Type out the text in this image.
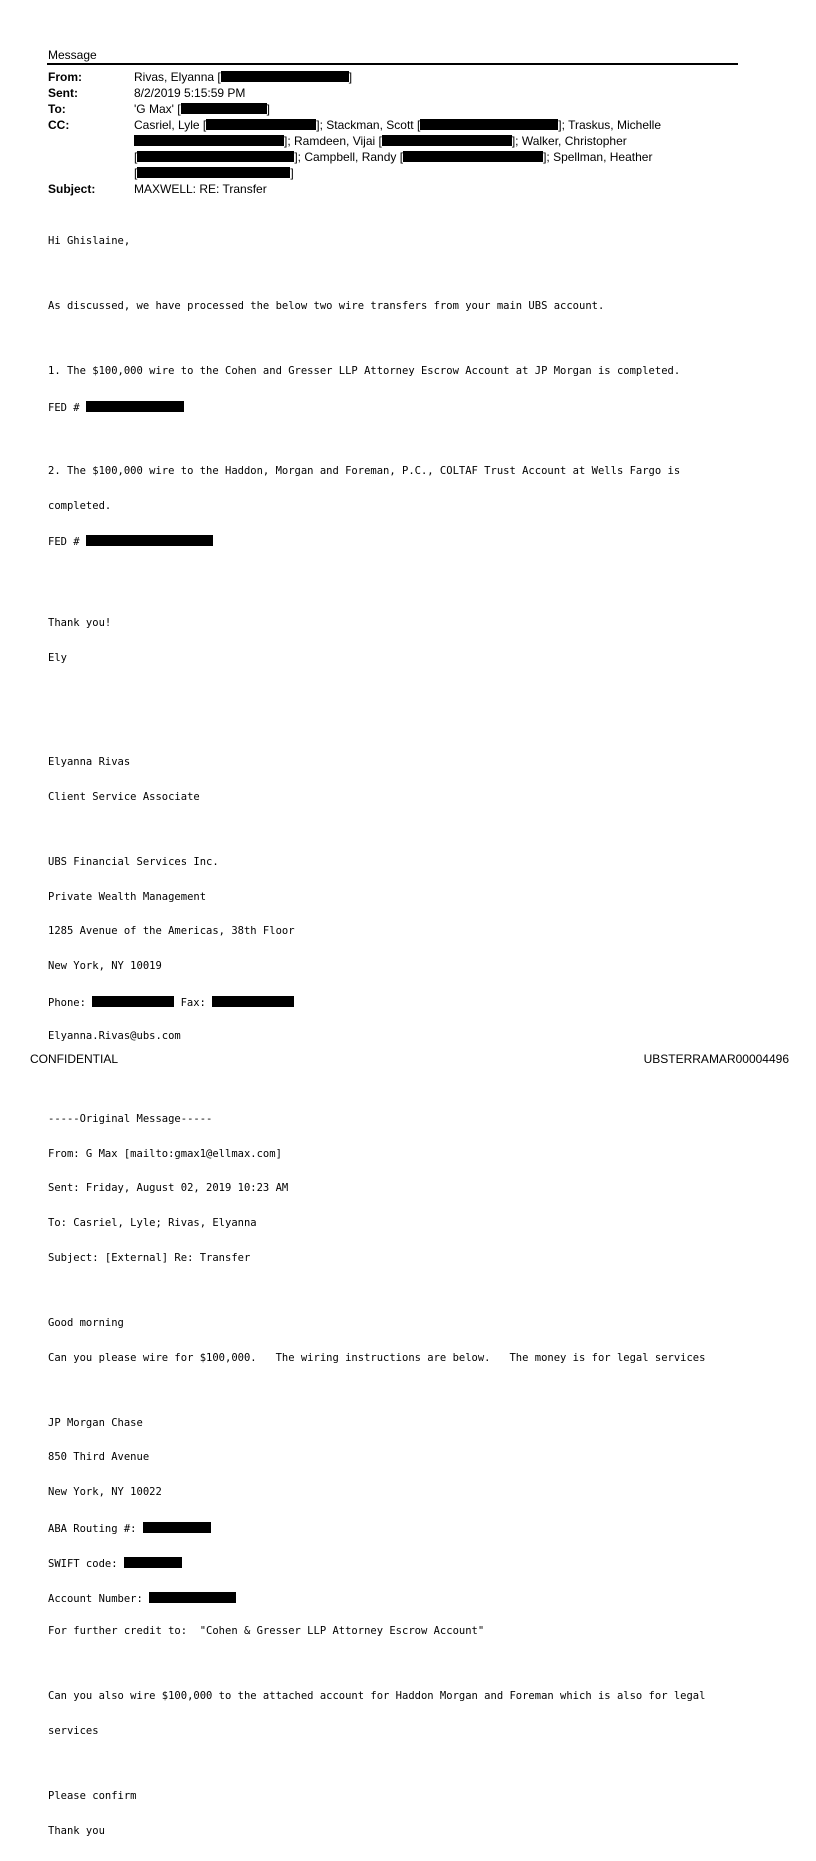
Message
From:	Rivas, Elyanna [	]
Sent:	8/2/2019 5:15:59 PM
To:	'G Max' [	]
CC:	Casriel, Lyle [	]; Stackman, Scott [	]; Traskus, Michelle
]; Ramdeen, Vijai [	]; Walker, Christopher
[	]; Campbell, Randy [	]; Spellman, Heather
[	]
Subject:	MAXWELL: RE: Transfer

Hi Ghislaine,

As discussed, we have processed the below two wire transfers from your main UBS account.

1. The $100,000 wire to the Cohen and Gresser LLP Attorney Escrow Account at JP Morgan is completed.

FED #

2. The $100,000 wire to the Haddon, Morgan and Foreman, P.C., COLTAF Trust Account at Wells Fargo is

completed.

FED #

Thank you!

Ely

Elyanna Rivas

Client Service Associate

UBS Financial Services Inc.

Private Wealth Management

1285 Avenue of the Americas, 38th Floor

New York, NY 10019

Phone:	Fax:

Elyanna.Rivas@ubs.com

-----Original Message-----

From: G Max [mailto:gmax1@ellmax.com]

Sent: Friday, August 02, 2019 10:23 AM

To: Casriel, Lyle; Rivas, Elyanna

Subject: [External] Re: Transfer

Good morning

Can you please wire for $100,000.   The wiring instructions are below.   The money is for legal services

JP Morgan Chase

850 Third Avenue

New York, NY 10022

ABA Routing #:

SWIFT code:

Account Number:

For further credit to:  "Cohen & Gresser LLP Attorney Escrow Account"

Can you also wire $100,000 to the attached account for Haddon Morgan and Foreman which is also for legal

services

Please confirm

Thank you

CONFIDENTIAL	UBSTERRAMAR00004496
